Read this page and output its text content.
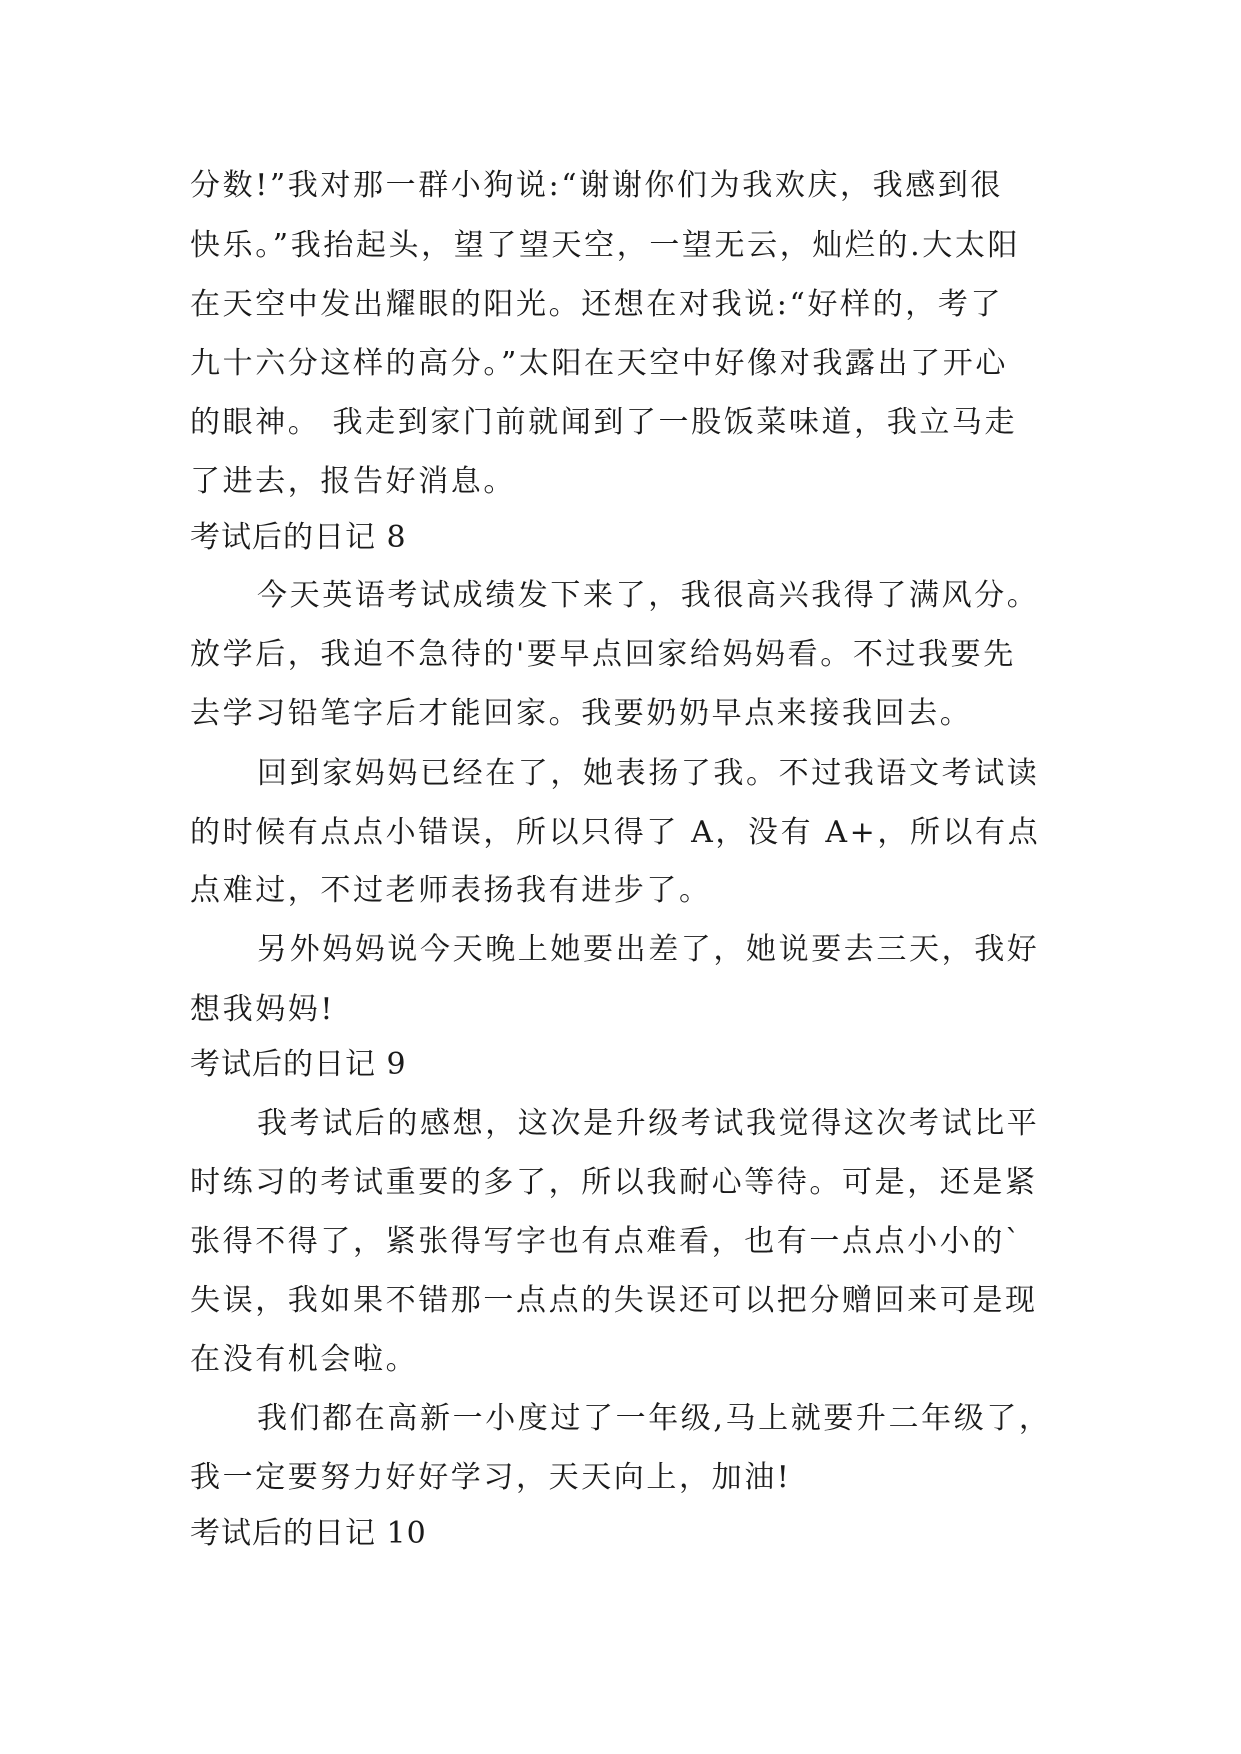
分数!”我对那一群小狗说:“谢谢你们为我欢庆，我感到很
快乐。”我抬起头，望了望天空，一望无云，灿烂的.大太阳
在天空中发出耀眼的阳光。还想在对我说:“好样的，考了
九十六分这样的高分。”太阳在天空中好像对我露出了开心
的眼神。 我走到家门前就闻到了一股饭菜味道，我立马走
了进去，报告好消息。
考试后的日记 8
今天英语考试成绩发下来了，我很高兴我得了满风分。
放学后，我迫不急待的'要早点回家给妈妈看。不过我要先
去学习铅笔字后才能回家。我要奶奶早点来接我回去。
回到家妈妈已经在了，她表扬了我。不过我语文考试读
的时候有点点小错误，所以只得了 A，没有 A+，所以有点
点难过，不过老师表扬我有进步了。
另外妈妈说今天晚上她要出差了，她说要去三天，我好
想我妈妈!
考试后的日记 9
我考试后的感想，这次是升级考试我觉得这次考试比平
时练习的考试重要的多了，所以我耐心等待。可是，还是紧
张得不得了，紧张得写字也有点难看，也有一点点小小的`
失误，我如果不错那一点点的失误还可以把分赠回来可是现
在没有机会啦。
我们都在高新一小度过了一年级,马上就要升二年级了，
我一定要努力好好学习，天天向上，加油!
考试后的日记 10
